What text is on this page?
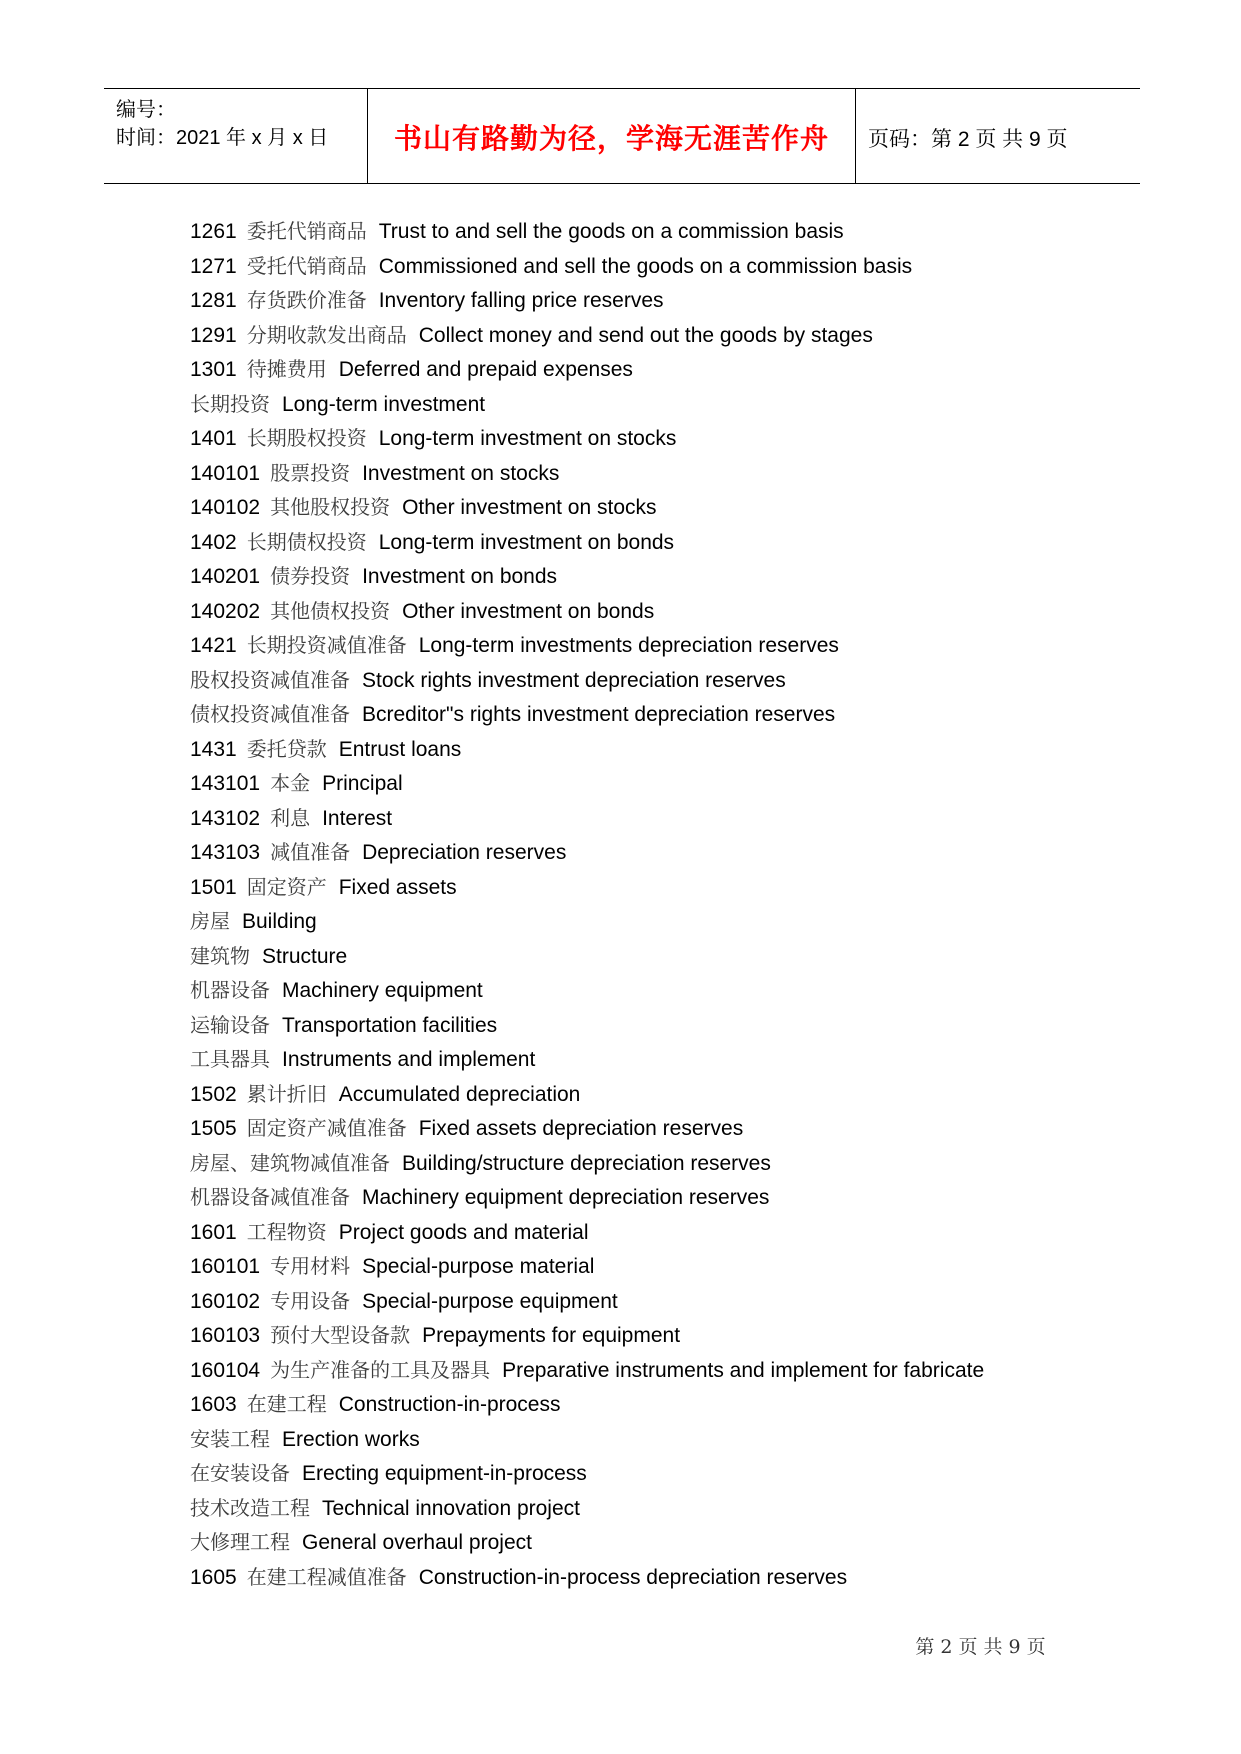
编号：
时间：2021 年 x 月 x 日	书山有路勤为径，学海无涯苦作舟	页码：第 2 页 共 9 页
1261 委托代销商品 Trust to and sell the goods on a commission basis
1271 受托代销商品 Commissioned and sell the goods on a commission basis
1281 存货跌价准备 Inventory falling price reserves
1291 分期收款发出商品 Collect money and send out the goods by stages
1301 待摊费用 Deferred and prepaid expenses
长期投资 Long-term investment
1401 长期股权投资 Long-term investment on stocks
140101 股票投资 Investment on stocks
140102 其他股权投资 Other investment on stocks
1402 长期债权投资 Long-term investment on bonds
140201 债券投资 Investment on bonds
140202 其他债权投资 Other investment on bonds
1421 长期投资减值准备 Long-term investments depreciation reserves
股权投资减值准备 Stock rights investment depreciation reserves
债权投资减值准备 Bcreditor"s rights investment depreciation reserves
1431 委托贷款 Entrust loans
143101 本金 Principal
143102 利息 Interest
143103 减值准备 Depreciation reserves
1501 固定资产 Fixed assets
房屋 Building
建筑物 Structure
机器设备 Machinery equipment
运输设备 Transportation facilities
工具器具 Instruments and implement
1502 累计折旧 Accumulated depreciation
1505 固定资产减值准备 Fixed assets depreciation reserves
房屋、建筑物减值准备 Building/structure depreciation reserves
机器设备减值准备 Machinery equipment depreciation reserves
1601 工程物资 Project goods and material
160101 专用材料 Special-purpose material
160102 专用设备 Special-purpose equipment
160103 预付大型设备款 Prepayments for equipment
160104 为生产准备的工具及器具 Preparative instruments and implement for fabricate
1603 在建工程 Construction-in-process
安装工程 Erection works
在安装设备 Erecting equipment-in-process
技术改造工程 Technical innovation project
大修理工程 General overhaul project
1605 在建工程减值准备 Construction-in-process depreciation reserves
第 2 页 共 9 页
